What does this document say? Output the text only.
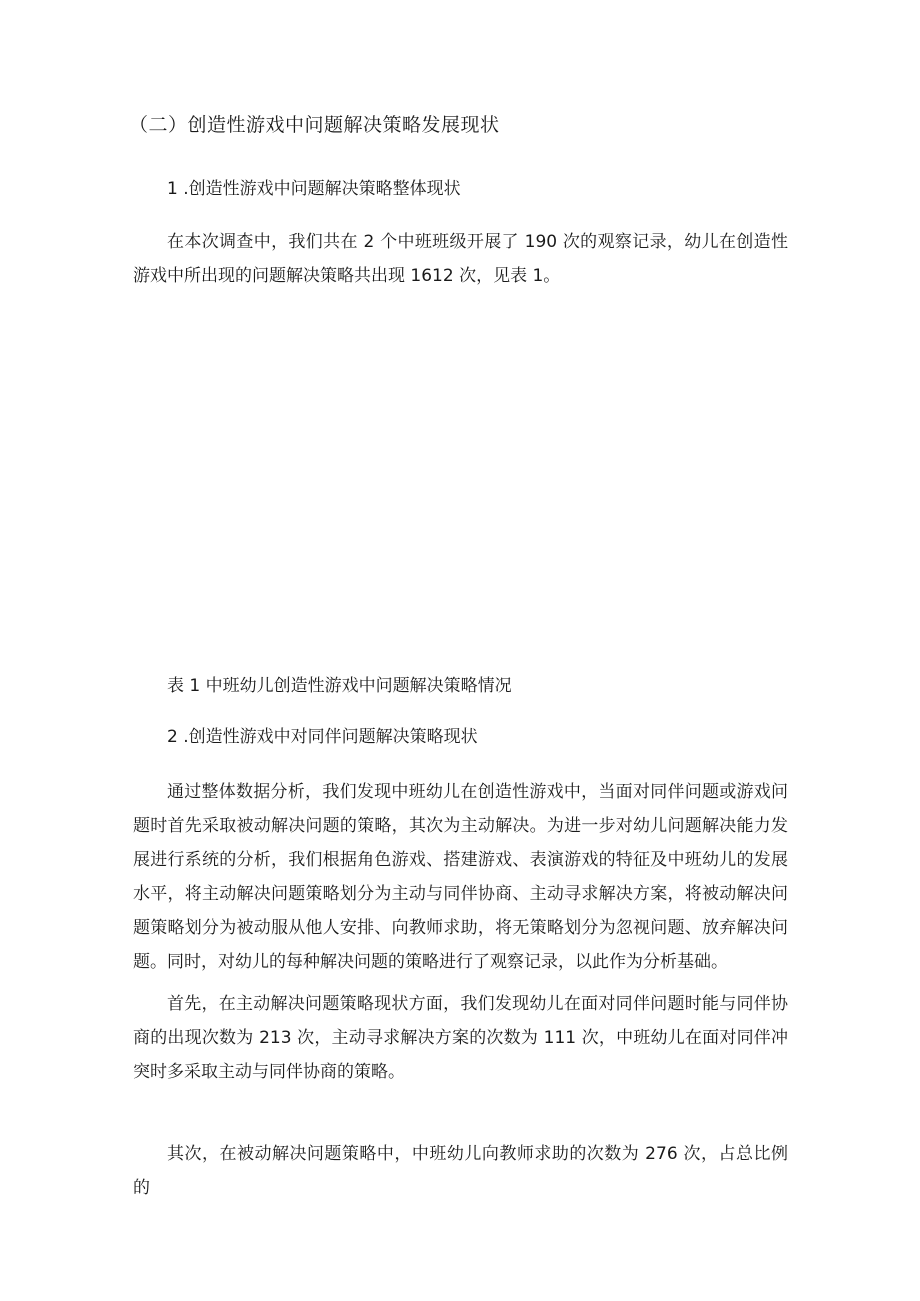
（二）创造性游戏中问题解决策略发展现状
1 .创造性游戏中问题解决策略整体现状

在本次调查中，我们共在 2 个中班班级开展了 190 次的观察记录，幼儿在创造性游戏中所出现的问题解决策略共出现 1612 次，见表 1。

表 1 中班幼儿创造性游戏中问题解决策略情况
2 .创造性游戏中对同伴问题解决策略现状

通过整体数据分析，我们发现中班幼儿在创造性游戏中，当面对同伴问题或游戏问题时首先采取被动解决问题的策略，其次为主动解决。为进一步对幼儿问题解决能力发展进行系统的分析，我们根据角色游戏、搭建游戏、表演游戏的特征及中班幼儿的发展水平，将主动解决问题策略划分为主动与同伴协商、主动寻求解决方案，将被动解决问题策略划分为被动服从他人安排、向教师求助，将无策略划分为忽视问题、放弃解决问题。同时，对幼儿的每种解决问题的策略进行了观察记录，以此作为分析基础。

首先，在主动解决问题策略现状方面，我们发现幼儿在面对同伴问题时能与同伴协商的出现次数为 213 次，主动寻求解决方案的次数为 111 次，中班幼儿在面对同伴冲突时多采取主动与同伴协商的策略。

其次，在被动解决问题策略中，中班幼儿向教师求助的次数为 276 次，占总比例的
